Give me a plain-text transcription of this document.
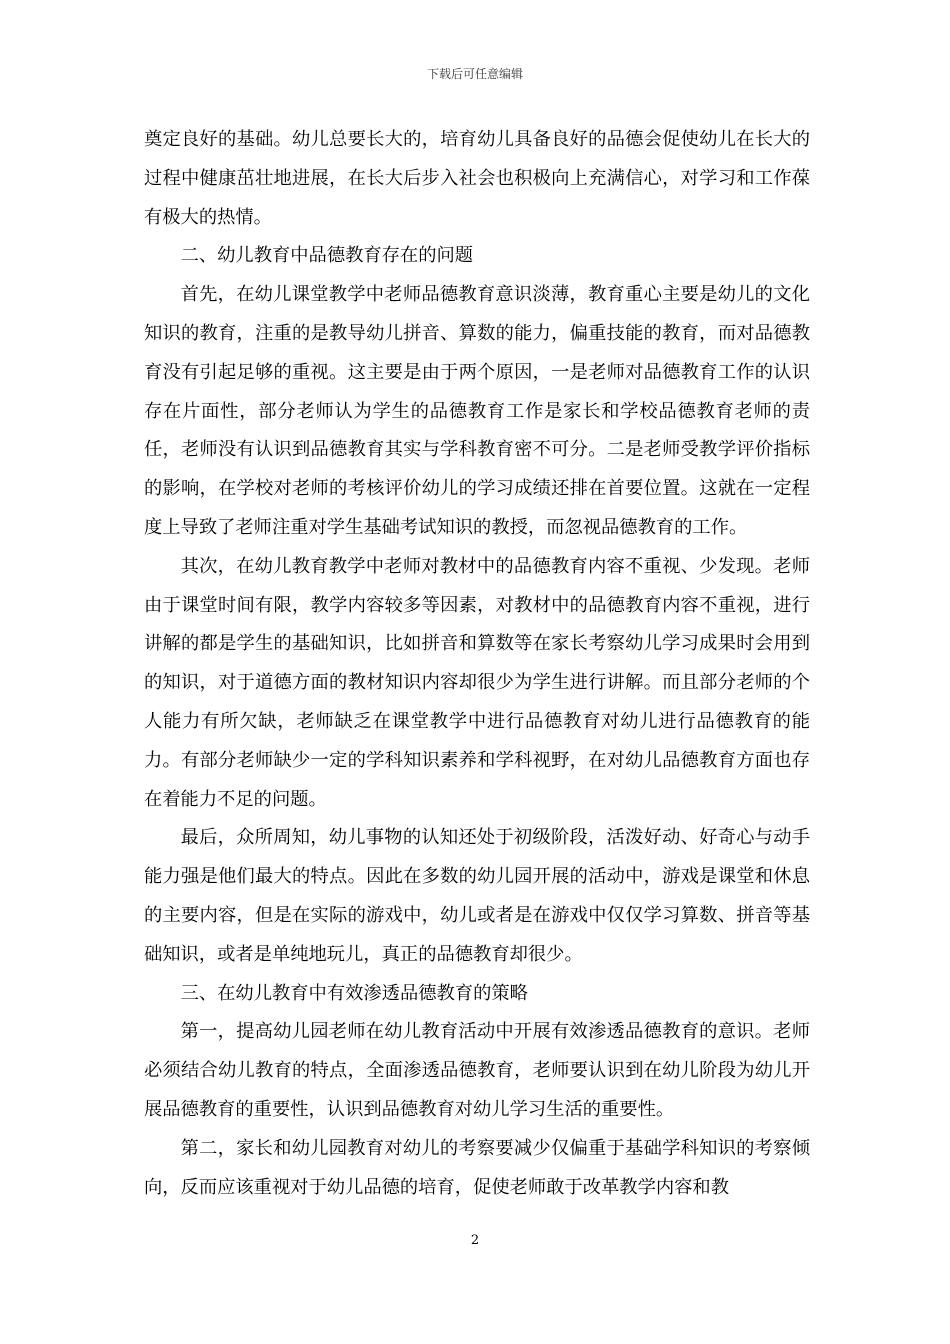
下载后可任意编辑

奠定良好的基础。幼儿总要长大的，培育幼儿具备良好的品德会促使幼儿在长大的过程中健康茁壮地进展，在长大后步入社会也积极向上充满信心，对学习和工作葆有极大的热情。

二、幼儿教育中品德教育存在的问题

首先，在幼儿课堂教学中老师品德教育意识淡薄，教育重心主要是幼儿的文化知识的教育，注重的是教导幼儿拼音、算数的能力，偏重技能的教育，而对品德教育没有引起足够的重视。这主要是由于两个原因，一是老师对品德教育工作的认识存在片面性，部分老师认为学生的品德教育工作是家长和学校品德教育老师的责任，老师没有认识到品德教育其实与学科教育密不可分。二是老师受教学评价指标的影响，在学校对老师的考核评价幼儿的学习成绩还排在首要位置。这就在一定程度上导致了老师注重对学生基础考试知识的教授，而忽视品德教育的工作。

其次，在幼儿教育教学中老师对教材中的品德教育内容不重视、少发现。老师由于课堂时间有限，教学内容较多等因素，对教材中的品德教育内容不重视，进行讲解的都是学生的基础知识，比如拼音和算数等在家长考察幼儿学习成果时会用到的知识，对于道德方面的教材知识内容却很少为学生进行讲解。而且部分老师的个人能力有所欠缺，老师缺乏在课堂教学中进行品德教育对幼儿进行品德教育的能力。有部分老师缺少一定的学科知识素养和学科视野，在对幼儿品德教育方面也存在着能力不足的问题。

最后，众所周知，幼儿事物的认知还处于初级阶段，活泼好动、好奇心与动手能力强是他们最大的特点。因此在多数的幼儿园开展的活动中，游戏是课堂和休息的主要内容，但是在实际的游戏中，幼儿或者是在游戏中仅仅学习算数、拼音等基础知识，或者是单纯地玩儿，真正的品德教育却很少。

三、在幼儿教育中有效渗透品德教育的策略

第一，提高幼儿园老师在幼儿教育活动中开展有效渗透品德教育的意识。老师必须结合幼儿教育的特点，全面渗透品德教育，老师要认识到在幼儿阶段为幼儿开展品德教育的重要性，认识到品德教育对幼儿学习生活的重要性。

第二，家长和幼儿园教育对幼儿的考察要减少仅偏重于基础学科知识的考察倾向，反而应该重视对于幼儿品德的培育，促使老师敢于改革教学内容和教

2
